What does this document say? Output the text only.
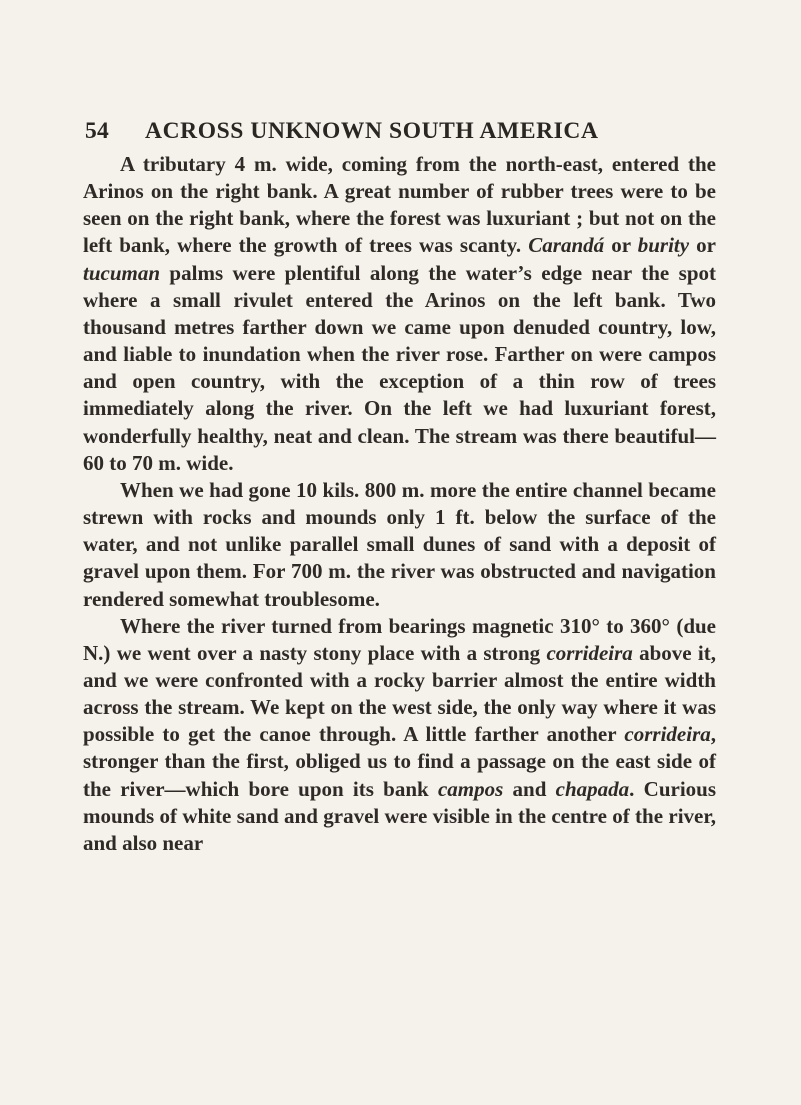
54	ACROSS UNKNOWN SOUTH AMERICA

A tributary 4 m. wide, coming from the north-east, entered the Arinos on the right bank. A great number of rubber trees were to be seen on the right bank, where the forest was luxuriant ; but not on the left bank, where the growth of trees was scanty. Carandá or burity or tucuman palms were plentiful along the water’s edge near the spot where a small rivulet entered the Arinos on the left bank. Two thousand metres farther down we came upon denuded country, low, and liable to inundation when the river rose. Farther on were campos and open country, with the exception of a thin row of trees immediately along the river. On the left we had luxuriant forest, wonderfully healthy, neat and clean. The stream was there beautiful—60 to 70 m. wide.

When we had gone 10 kils. 800 m. more the entire channel became strewn with rocks and mounds only 1 ft. below the surface of the water, and not unlike parallel small dunes of sand with a deposit of gravel upon them. For 700 m. the river was obstructed and navigation rendered somewhat troublesome.

Where the river turned from bearings magnetic 310° to 360° (due N.) we went over a nasty stony place with a strong corrideira above it, and we were confronted with a rocky barrier almost the entire width across the stream. We kept on the west side, the only way where it was possible to get the canoe through. A little farther another corrideira, stronger than the first, obliged us to find a passage on the east side of the river—which bore upon its bank campos and chapada. Curious mounds of white sand and gravel were visible in the centre of the river, and also near
